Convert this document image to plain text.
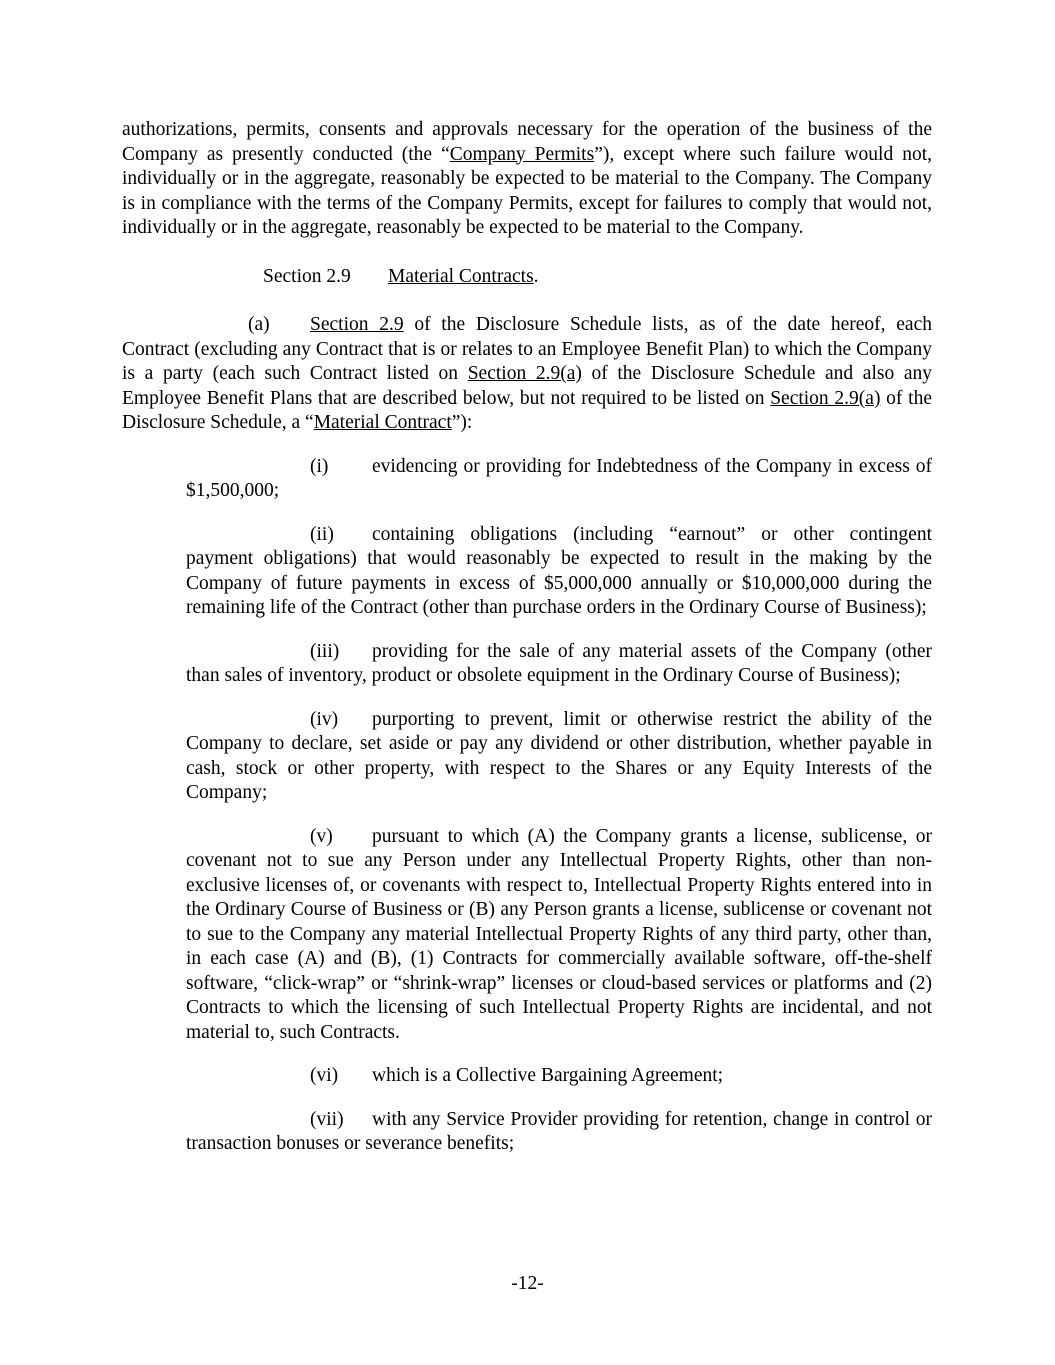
authorizations, permits, consents and approvals necessary for the operation of the business of the Company as presently conducted (the “Company Permits”), except where such failure would not, individually or in the aggregate, reasonably be expected to be material to the Company. The Company is in compliance with the terms of the Company Permits, except for failures to comply that would not, individually or in the aggregate, reasonably be expected to be material to the Company.

Section 2.9 Material Contracts.

(a) Section 2.9 of the Disclosure Schedule lists, as of the date hereof, each Contract (excluding any Contract that is or relates to an Employee Benefit Plan) to which the Company is a party (each such Contract listed on Section 2.9(a) of the Disclosure Schedule and also any Employee Benefit Plans that are described below, but not required to be listed on Section 2.9(a) of the Disclosure Schedule, a “Material Contract”):

(i) evidencing or providing for Indebtedness of the Company in excess of $1,500,000;

(ii) containing obligations (including “earnout” or other contingent payment obligations) that would reasonably be expected to result in the making by the Company of future payments in excess of $5,000,000 annually or $10,000,000 during the remaining life of the Contract (other than purchase orders in the Ordinary Course of Business);

(iii) providing for the sale of any material assets of the Company (other than sales of inventory, product or obsolete equipment in the Ordinary Course of Business);

(iv) purporting to prevent, limit or otherwise restrict the ability of the Company to declare, set aside or pay any dividend or other distribution, whether payable in cash, stock or other property, with respect to the Shares or any Equity Interests of the Company;

(v) pursuant to which (A) the Company grants a license, sublicense, or covenant not to sue any Person under any Intellectual Property Rights, other than non-exclusive licenses of, or covenants with respect to, Intellectual Property Rights entered into in the Ordinary Course of Business or (B) any Person grants a license, sublicense or covenant not to sue to the Company any material Intellectual Property Rights of any third party, other than, in each case (A) and (B), (1) Contracts for commercially available software, off-the-shelf software, “click-wrap” or “shrink-wrap” licenses or cloud-based services or platforms and (2) Contracts to which the licensing of such Intellectual Property Rights are incidental, and not material to, such Contracts.

(vi) which is a Collective Bargaining Agreement;

(vii) with any Service Provider providing for retention, change in control or transaction bonuses or severance benefits;

-12-
